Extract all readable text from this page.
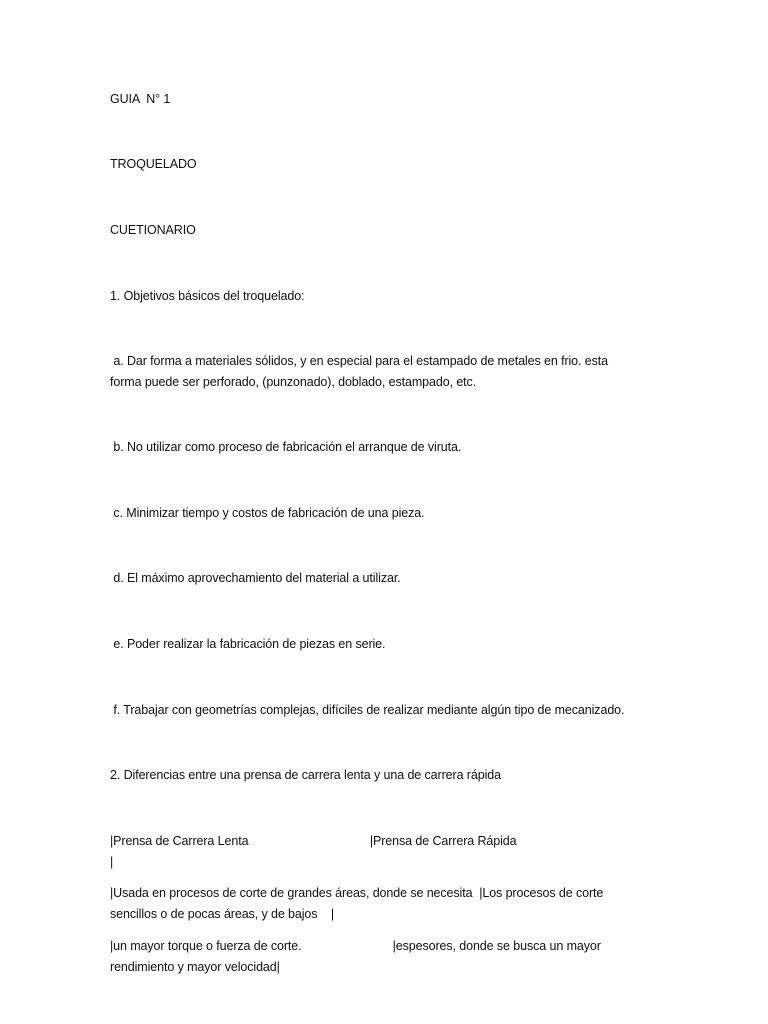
GUIA  N° 1
TROQUELADO
CUETIONARIO
1. Objetivos básicos del troquelado:
a. Dar forma a materiales sólidos, y en especial para el estampado de metales en frio. esta
forma puede ser perforado, (punzonado), doblado, estampado, etc.
b. No utilizar como proceso de fabricación el arranque de viruta.
c. Minimizar tiempo y costos de fabricación de una pieza.
d. El máximo aprovechamiento del material a utilizar.
e. Poder realizar la fabricación de piezas en serie.
f. Trabajar con geometrías complejas, difíciles de realizar mediante algún tipo de mecanizado.
2. Diferencias entre una prensa de carrera lenta y una de carrera rápida
|Prensa de Carrera Lenta                                    |Prensa de Carrera Rápida
|
|Usada en procesos de corte de grandes áreas, donde se necesita  |Los procesos de corte
sencillos o de pocas áreas, y de bajos    |
|un mayor torque o fuerza de corte.                           |espesores, donde se busca un mayor
rendimiento y mayor velocidad|
